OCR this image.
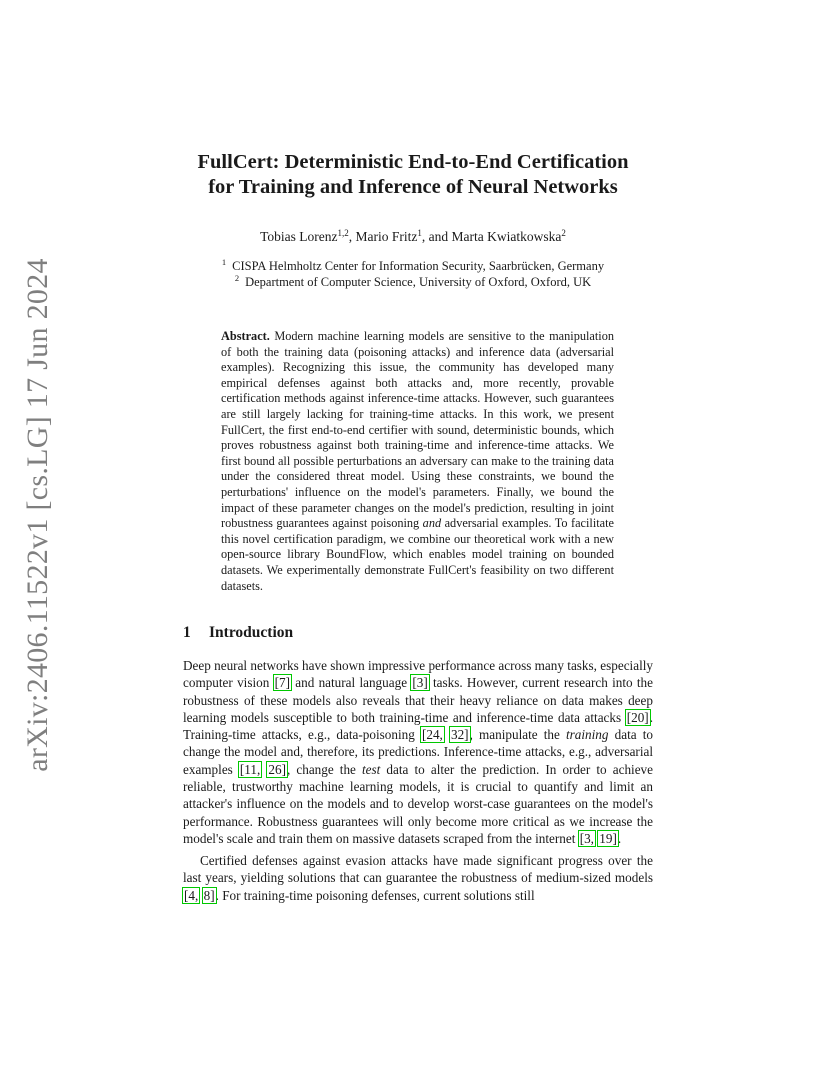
arXiv:2406.11522v1 [cs.LG] 17 Jun 2024
FullCert: Deterministic End-to-End Certification
for Training and Inference of Neural Networks
Tobias Lorenz$^{1,2}$, Mario Fritz$^1$, and Marta Kwiatkowska$^2$
$^1$ CISPA Helmholtz Center for Information Security, Saarbrücken, Germany
$^2$ Department of Computer Science, University of Oxford, Oxford, UK
Abstract. Modern machine learning models are sensitive to the manipulation of both the training data (poisoning attacks) and inference data (adversarial examples). Recognizing this issue, the community has developed many empirical defenses against both attacks and, more recently, provable certification methods against inference-time attacks. However, such guarantees are still largely lacking for training-time attacks. In this work, we present FullCert, the first end-to-end certifier with sound, deterministic bounds, which proves robustness against both training-time and inference-time attacks. We first bound all possible perturbations an adversary can make to the training data under the considered threat model. Using these constraints, we bound the perturbations' influence on the model's parameters. Finally, we bound the impact of these parameter changes on the model's prediction, resulting in joint robustness guarantees against poisoning and adversarial examples. To facilitate this novel certification paradigm, we combine our theoretical work with a new open-source library BoundFlow, which enables model training on bounded datasets. We experimentally demonstrate FullCert's feasibility on two different datasets.
1 Introduction
Deep neural networks have shown impressive performance across many tasks, especially computer vision [7] and natural language [3] tasks. However, current research into the robustness of these models also reveals that their heavy reliance on data makes deep learning models susceptible to both training-time and inference-time data attacks [20]. Training-time attacks, e.g., data-poisoning [24, 32], manipulate the training data to change the model and, therefore, its predictions. Inference-time attacks, e.g., adversarial examples [11, 26], change the test data to alter the prediction. In order to achieve reliable, trustworthy machine learning models, it is crucial to quantify and limit an attacker's influence on the models and to develop worst-case guarantees on the model's performance. Robustness guarantees will only become more critical as we increase the model's scale and train them on massive datasets scraped from the internet [3, 19].
Certified defenses against evasion attacks have made significant progress over the last years, yielding solutions that can guarantee the robustness of medium-sized models [4, 8]. For training-time poisoning defenses, current solutions still
